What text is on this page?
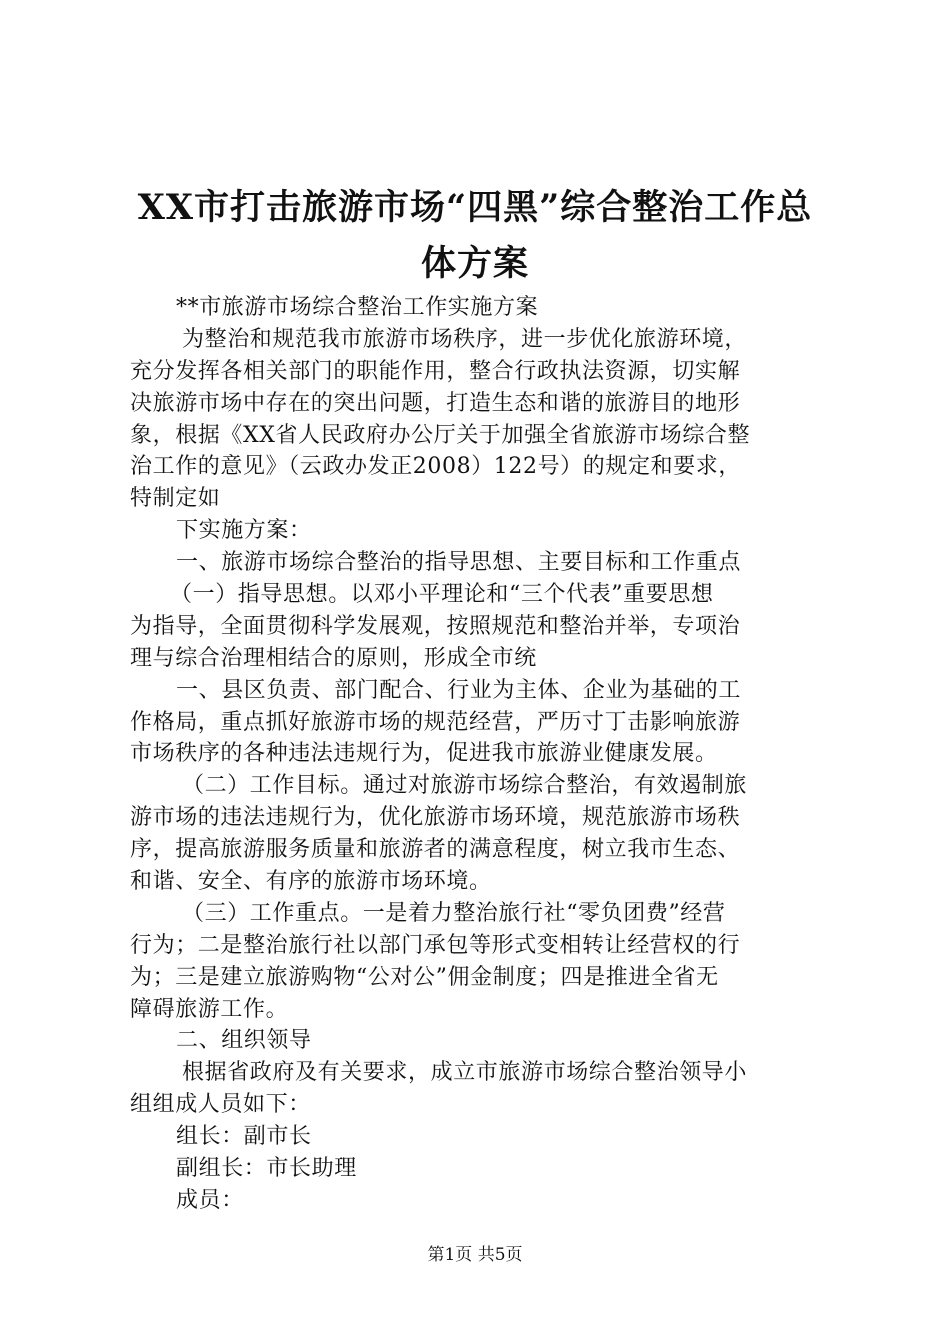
XX市打击旅游市场“四黑”综合整治工作总
体方案
**市旅游市场综合整治工作实施方案
为整治和规范我市旅游市场秩序，进一步优化旅游环境，
充分发挥各相关部门的职能作用，整合行政执法资源，切实解
决旅游市场中存在的突出问题，打造生态和谐的旅游目的地形
象，根据《XX省人民政府办公厅关于加强全省旅游市场综合整
治工作的意见》（云政办发正2008）122号）的规定和要求，
特制定如
下实施方案：
一、旅游市场综合整治的指导思想、主要目标和工作重点
（一）指导思想。以邓小平理论和“三个代表”重要思想
为指导，全面贯彻科学发展观，按照规范和整治并举，专项治
理与综合治理相结合的原则，形成全市统
一、县区负责、部门配合、行业为主体、企业为基础的工
作格局，重点抓好旅游市场的规范经营，严历寸丁击影响旅游
市场秩序的各种违法违规行为，促进我市旅游业健康发展。
（二）工作目标。通过对旅游市场综合整治，有效遏制旅
游市场的违法违规行为，优化旅游市场环境，规范旅游市场秩
序，提高旅游服务质量和旅游者的满意程度，树立我市生态、
和谐、安全、有序的旅游市场环境。
（三）工作重点。一是着力整治旅行社“零负团费”经营
行为；二是整治旅行社以部门承包等形式变相转让经营权的行
为；三是建立旅游购物“公对公”佣金制度；四是推进全省无
障碍旅游工作。
二、组织领导
根据省政府及有关要求，成立市旅游市场综合整治领导小
组组成人员如下：
组长：副市长
副组长：市长助理
成员：
第1页 共5页
